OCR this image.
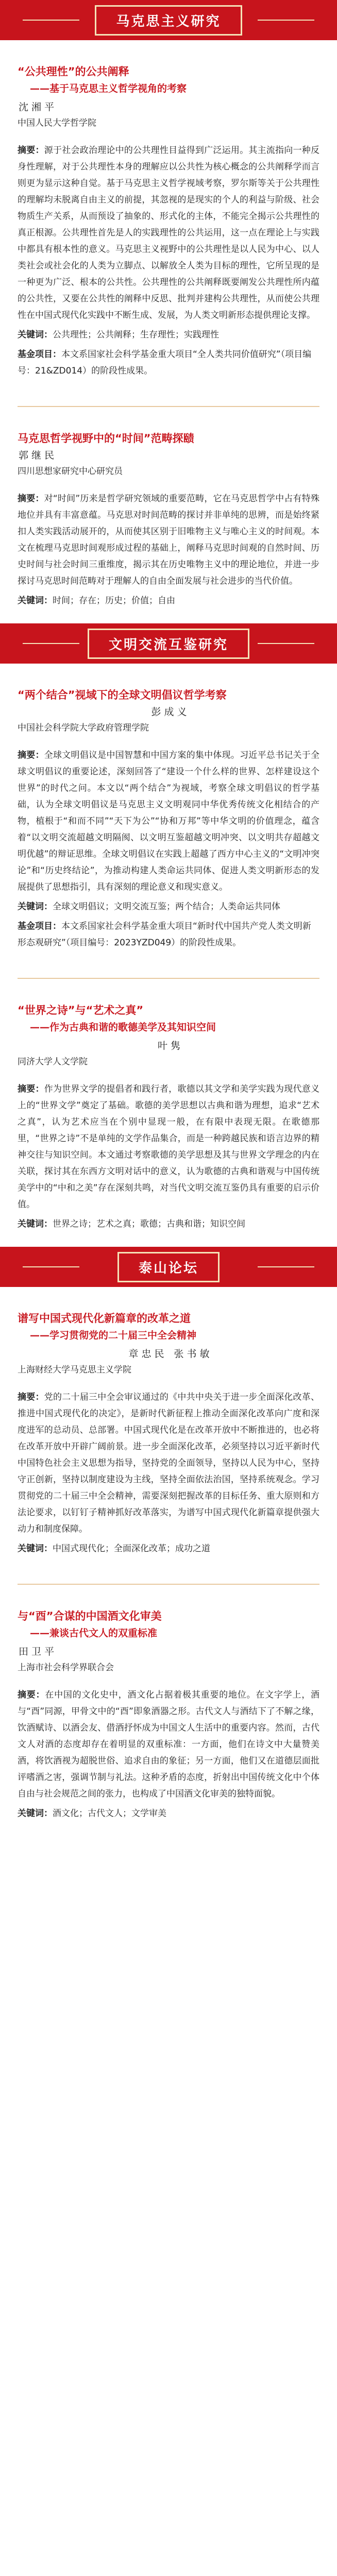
马克思主义研究

“公共理性”的公共阐释

——基于马克思主义哲学视角的考察

沈 湘 平

中国人民大学哲学院

摘要：源于社会政治理论中的公共理性目益得到广泛运用。其主流指向一种反身性理解，对于公共理性本身的理解应以公共性为核心概念的公共阐释学而言则更为显示这种自觉。基于马克思主义哲学视域考察，罗尔斯等关于公共理性的理解均未脱离自由主义的前提，其忽视的是现实的个人的利益与阶级、社会物质生产关系，从而预设了抽象的、形式化的主体，不能完全揭示公共理性的真正根源。公共理性首先是人的实践理性的公共运用，这一点在理论上与实践中都具有根本性的意义。马克思主义视野中的公共理性是以人民为中心、以人类社会或社会化的人类为立脚点、以解放全人类为目标的理性，它所呈现的是一种更为广泛、根本的公共性。公共理性的公共阐释既要阐发公共理性所内蕴的公共性，又要在公共性的阐释中反思、批判并建构公共理性，从而使公共理性在中国式现代化实践中不断生成、发展，为人类文明新形态提供理论支撑。

关键词：公共理性；公共阐释；生存理性；实践理性

基金项目：本文系国家社会科学基金重大项目“全人类共同价值研究”（项目编号：21&ZD014）的阶段性成果。

马克思哲学视野中的“时间”范畴探赜

郭 继 民

四川思想家研究中心研究员

摘要：对“时间”历来是哲学研究领域的重要范畴，它在马克思哲学中占有特殊地位并具有丰富意蕴。马克思对时间范畴的探讨并非单纯的思辨，而是始终紧扣人类实践活动展开的，从而使其区别于旧唯物主义与唯心主义的时间观。本文在梳理马克思时间观形成过程的基础上，阐释马克思时间观的自然时间、历史时间与社会时间三重维度，揭示其在历史唯物主义中的理论地位，并进一步探讨马克思时间范畴对于理解人的自由全面发展与社会进步的当代价值。

关键词：时间；存在；历史；价值；自由

文明交流互鉴研究

“两个结合”视域下的全球文明倡议哲学考察

彭 成 义

中国社会科学院大学政府管理学院

摘要：全球文明倡议是中国智慧和中国方案的集中体现。习近平总书记关于全球文明倡议的重要论述，深刻回答了“建设一个什么样的世界、怎样建设这个世界”的时代之问。本文以“两个结合”为视域，考察全球文明倡议的哲学基础，认为全球文明倡议是马克思主义文明观同中华优秀传统文化相结合的产物，植根于“和而不同”“天下为公”“协和万邦”等中华文明的价值理念，蕴含着“以文明交流超越文明隔阂、以文明互鉴超越文明冲突、以文明共存超越文明优越”的辩证思维。全球文明倡议在实践上超越了西方中心主义的“文明冲突论”和“历史终结论”，为推动构建人类命运共同体、促进人类文明新形态的发展提供了思想指引，具有深刻的理论意义和现实意义。

关键词：全球文明倡议；文明交流互鉴；两个结合；人类命运共同体

基金项目：本文系国家社会科学基金重大项目“新时代中国共产党人类文明新形态观研究”（项目编号：2023YZD049）的阶段性成果。

“世界之诗”与“艺术之真”

——作为古典和谐的歌德美学及其知识空间

叶 隽

同济大学人文学院

摘要：作为世界文学的提倡者和践行者，歌德以其文学和美学实践为现代意义上的“世界文学”奠定了基础。歌德的美学思想以古典和谐为理想，追求“艺术之真”，认为艺术应当在个别中显现一般，在有限中表现无限。在歌德那里，“世界之诗”不是单纯的文学作品集合，而是一种跨越民族和语言边界的精神交往与知识空间。本文通过考察歌德的美学思想及其与世界文学理念的内在关联，探讨其在东西方文明对话中的意义，认为歌德的古典和谐观与中国传统美学中的“中和之美”存在深刻共鸣，对当代文明交流互鉴仍具有重要的启示价值。

关键词：世界之诗；艺术之真；歌德；古典和谐；知识空间

泰山论坛

谱写中国式现代化新篇章的改革之道

——学习贯彻党的二十届三中全会精神

章 忠 民　张 书 敏

上海财经大学马克思主义学院

摘要：党的二十届三中全会审议通过的《中共中央关于进一步全面深化改革、推进中国式现代化的决定》，是新时代新征程上推动全面深化改革向广度和深度进军的总动员、总部署。中国式现代化是在改革开放中不断推进的，也必将在改革开放中开辟广阔前景。进一步全面深化改革，必须坚持以习近平新时代中国特色社会主义思想为指导，坚持党的全面领导，坚持以人民为中心，坚持守正创新，坚持以制度建设为主线，坚持全面依法治国，坚持系统观念。学习贯彻党的二十届三中全会精神，需要深刻把握改革的目标任务、重大原则和方法论要求，以钉钉子精神抓好改革落实，为谱写中国式现代化新篇章提供强大动力和制度保障。

关键词：中国式现代化；全面深化改革；成功之道

与“酉”合谋的中国酒文化审美

——兼谈古代文人的双重标准

田 卫 平

上海市社会科学界联合会

摘要：在中国的文化史中，酒文化占据着极其重要的地位。在文字学上，酒与“酉”同源，甲骨文中的“酉”即象酒器之形。古代文人与酒结下了不解之缘，饮酒赋诗、以酒会友、借酒抒怀成为中国文人生活中的重要内容。然而，古代文人对酒的态度却存在着明显的双重标准：一方面，他们在诗文中大量赞美酒，将饮酒视为超脱世俗、追求自由的象征；另一方面，他们又在道德层面批评嗜酒之害，强调节制与礼法。这种矛盾的态度，折射出中国传统文化中个体自由与社会规范之间的张力，也构成了中国酒文化审美的独特面貌。

关键词：酒文化；古代文人；文学审美
